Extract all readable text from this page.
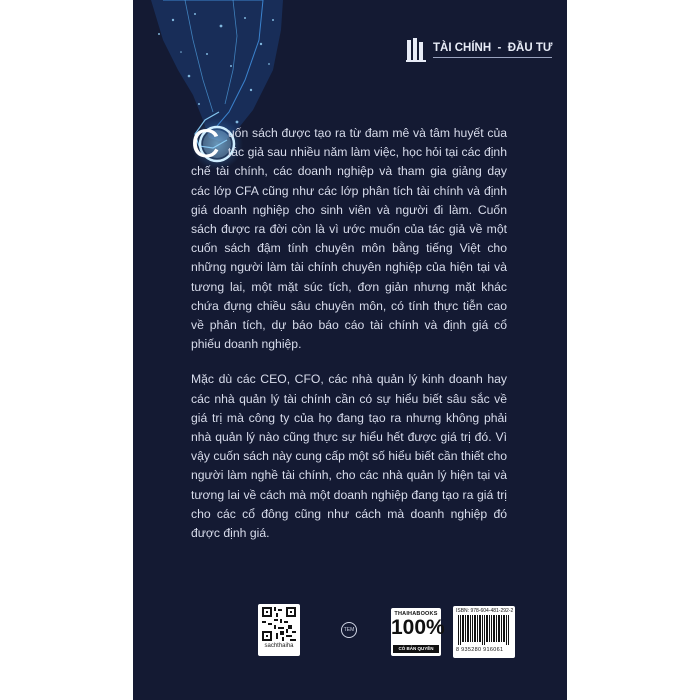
TÀI CHÍNH  -  ĐẦU TƯ

Cuốn sách được tạo ra từ đam mê và tâm huyết của tác giả sau nhiều năm làm việc, học hỏi tại các định chế tài chính, các doanh nghiệp và tham gia giảng dạy các lớp CFA cũng như các lớp phân tích tài chính và định giá doanh nghiệp cho sinh viên và người đi làm. Cuốn sách được ra đời còn là vì ước muốn của tác giả về một cuốn sách đậm tính chuyên môn bằng tiếng Việt cho những người làm tài chính chuyên nghiệp của hiện tại và tương lai, một mặt súc tích, đơn giản nhưng mặt khác chứa đựng chiều sâu chuyên môn, có tính thực tiễn cao về phân tích, dự báo báo cáo tài chính và định giá cổ phiếu doanh nghiệp.

Mặc dù các CEO, CFO, các nhà quản lý kinh doanh hay các nhà quản lý tài chính cần có sự hiểu biết sâu sắc về giá trị mà công ty của họ đang tạo ra nhưng không phải nhà quản lý nào cũng thực sự hiểu hết được giá trị đó. Vì vậy cuốn sách này cung cấp một số hiểu biết cần thiết cho người làm nghề tài chính, cho các nhà quản lý hiện tại và tương lai về cách mà một doanh nghiệp đang tạo ra giá trị cho các cổ đông cũng như cách mà doanh nghiệp đó được định giá.

sachthaiha
TEM
THAIHABOOKS
100%
CÓ BẢN QUYỀN
ISBN: 978-604-481-292-2
8 935280 916061
